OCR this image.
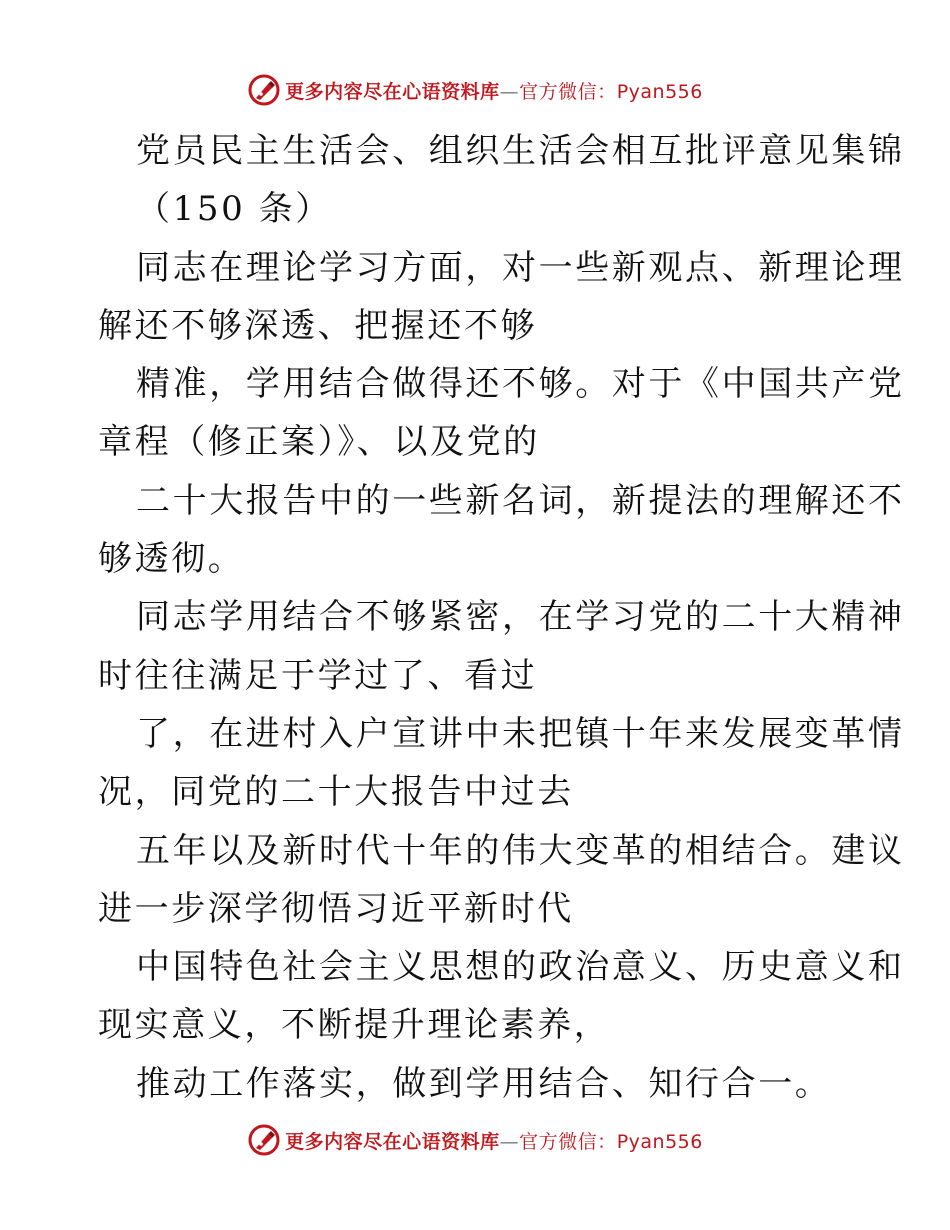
更多内容尽在心语资料库—官方微信：Pyan556
党员民主生活会、组织生活会相互批评意见集锦
（150 条）
同志在理论学习方面，对一些新观点、新理论理
解还不够深透、把握还不够
精准，学用结合做得还不够。对于《中国共产党
章程（修正案）》、以及党的
二十大报告中的一些新名词，新提法的理解还不
够透彻。
同志学用结合不够紧密，在学习党的二十大精神
时往往满足于学过了、看过
了，在进村入户宣讲中未把镇十年来发展变革情
况，同党的二十大报告中过去
五年以及新时代十年的伟大变革的相结合。建议
进一步深学彻悟习近平新时代
中国特色社会主义思想的政治意义、历史意义和
现实意义，不断提升理论素养，
推动工作落实，做到学用结合、知行合一。
更多内容尽在心语资料库—官方微信：Pyan556
